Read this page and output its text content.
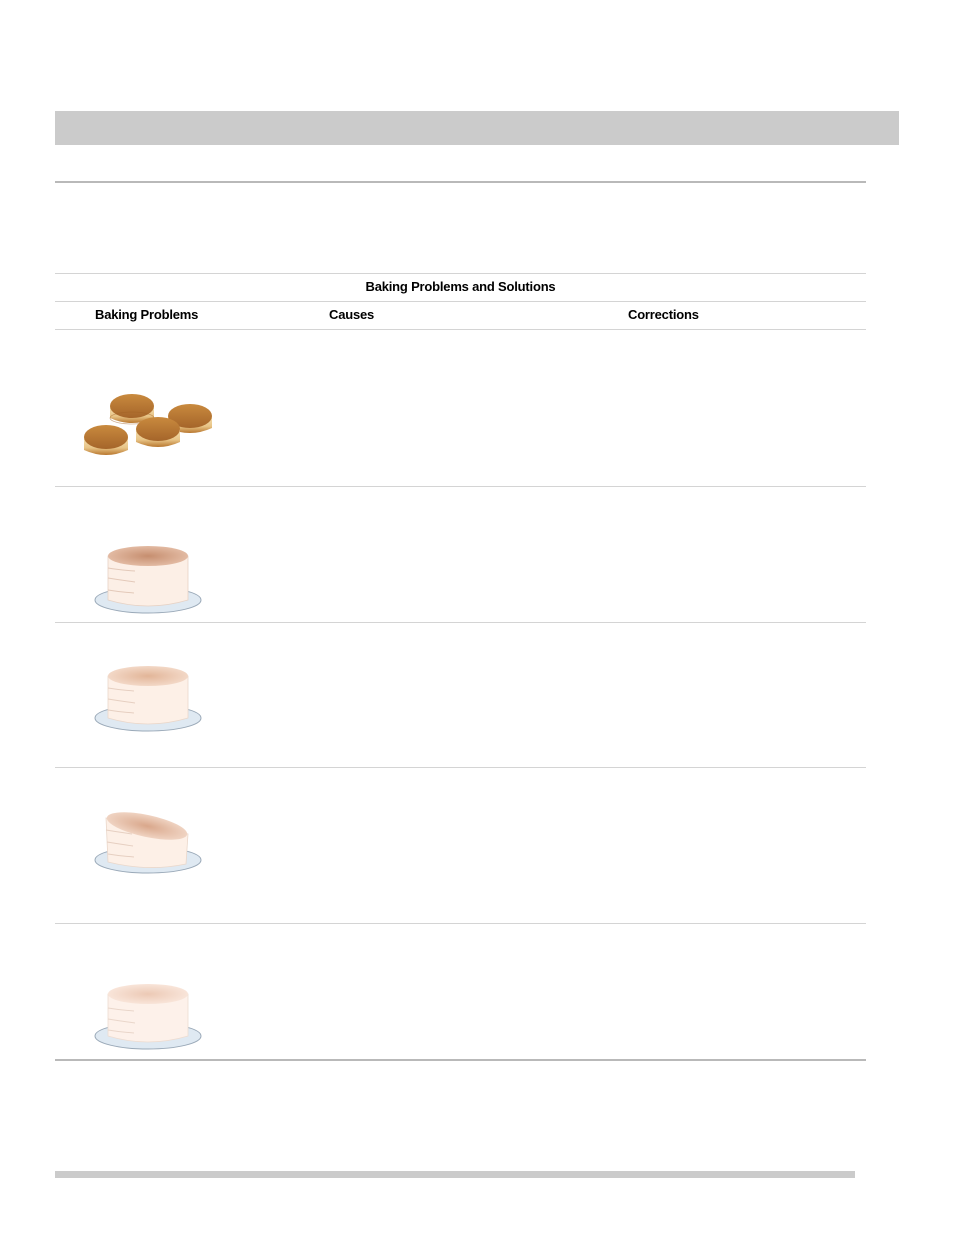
Baking Problems and Solutions
Baking Problems	Causes	Corrections
